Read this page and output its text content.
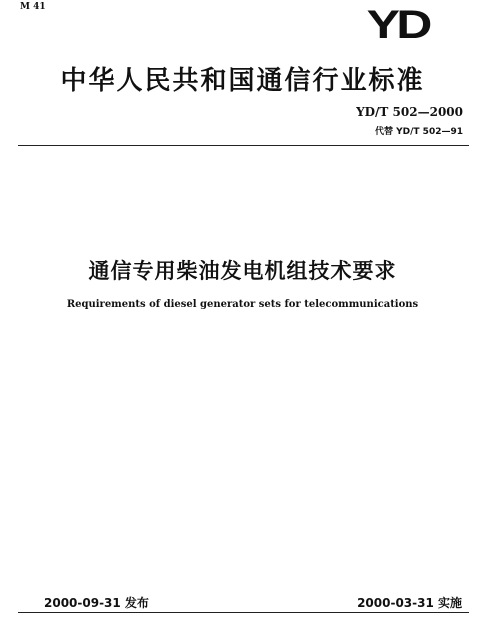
M 41	YD
中华人民共和国通信行业标准
YD/T 502—2000
代替 YD/T 502—91
通信专用柴油发电机组技术要求
Requirements of diesel generator sets for telecommunications
2000-09-31 发布	2000-03-31 实施
